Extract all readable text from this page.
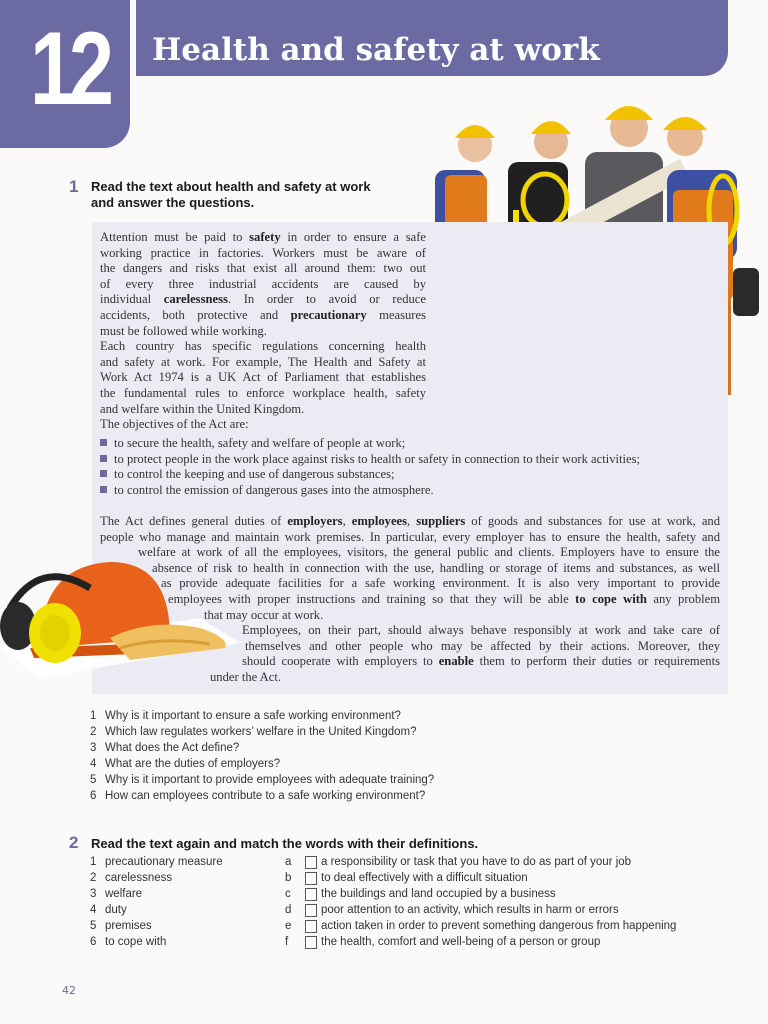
12 Health and safety at work
1 Read the text about health and safety at work
and answer the questions.
Attention must be paid to safety in order to ensure a safe
working practice in factories. Workers must be aware of
the dangers and risks that exist all around them: two out
of every three industrial accidents are caused by
individual carelessness. In order to avoid or reduce
accidents, both protective and precautionary measures
must be followed while working.
Each country has specific regulations concerning health
and safety at work. For example, The Health and Safety at
Work Act 1974 is a UK Act of Parliament that establishes
the fundamental rules to enforce workplace health, safety
and welfare within the United Kingdom.
The objectives of the Act are:
to secure the health, safety and welfare of people at work;
to protect people in the work place against risks to health or safety in connection to their work activities;
to control the keeping and use of dangerous substances;
to control the emission of dangerous gases into the atmosphere.
The Act defines general duties of employers, employees, suppliers of goods and substances for use at work, and
people who manage and maintain work premises. In particular, every employer has to ensure the health, safety and
welfare at work of all the employees, visitors, the general public and clients. Employers have to ensure the
absence of risk to health in connection with the use, handling or storage of items and substances, as well
as provide adequate facilities for a safe working environment. It is also very important to provide
employees with proper instructions and training so that they will be able to cope with any problem
that may occur at work.
Employees, on their part, should always behave responsibly at work and take care of
themselves and other people who may be affected by their actions. Moreover, they
should cooperate with employers to enable them to perform their duties or requirements
under the Act.
1 Why is it important to ensure a safe working environment?
2 Which law regulates workers’ welfare in the United Kingdom?
3 What does the Act define?
4 What are the duties of employers?
5 Why is it important to provide employees with adequate training?
6 How can employees contribute to a safe working environment?
2 Read the text again and match the words with their definitions.
1 precautionary measure	a	a responsibility or task that you have to do as part of your job
2 carelessness	b	to deal effectively with a difficult situation
3 welfare	c	the buildings and land occupied by a business
4 duty	d	poor attention to an activity, which results in harm or errors
5 premises	e	action taken in order to prevent something dangerous from happening
6 to cope with	f	the health, comfort and well-being of a person or group
42
